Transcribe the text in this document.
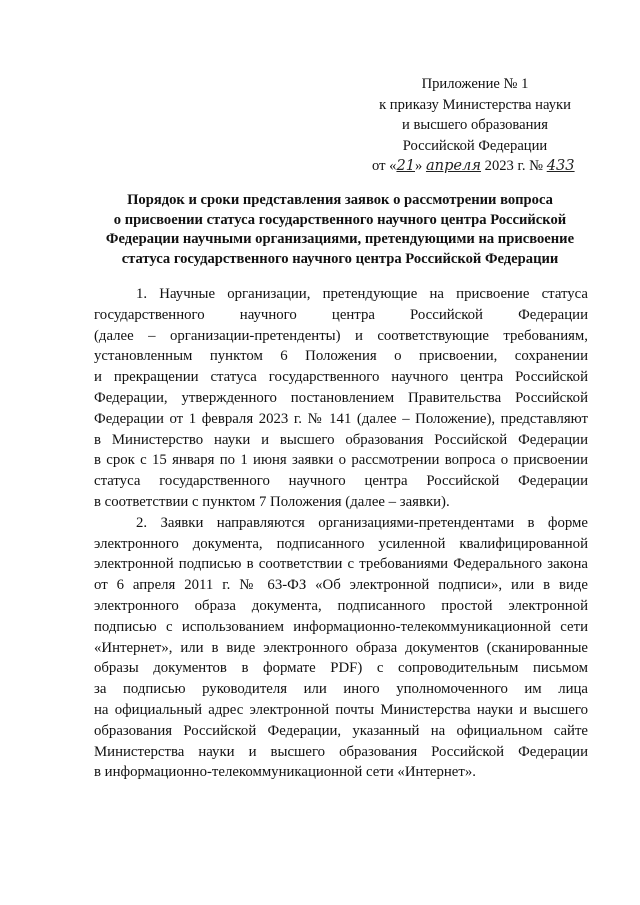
Приложение № 1
к приказу Министерства науки
и высшего образования
Российской Федерации
от «21» апреля 2023 г. № 433
Порядок и сроки представления заявок о рассмотрении вопроса
о присвоении статуса государственного научного центра Российской
Федерации научными организациями, претендующими на присвоение
статуса государственного научного центра Российской Федерации
1. Научные организации, претендующие на присвоение статуса
государственного научного центра Российской Федерации
(далее – организации-претенденты) и соответствующие требованиям,
установленным пунктом 6 Положения о присвоении, сохранении
и прекращении статуса государственного научного центра Российской
Федерации, утвержденного постановлением Правительства Российской
Федерации от 1 февраля 2023 г. № 141 (далее – Положение), представляют
в Министерство науки и высшего образования Российской Федерации
в срок с 15 января по 1 июня заявки о рассмотрении вопроса о присвоении
статуса государственного научного центра Российской Федерации
в соответствии с пунктом 7 Положения (далее – заявки).
2. Заявки направляются организациями-претендентами в форме
электронного документа, подписанного усиленной квалифицированной
электронной подписью в соответствии с требованиями Федерального закона
от 6 апреля 2011 г. № 63-ФЗ «Об электронной подписи», или в виде
электронного образа документа, подписанного простой электронной
подписью с использованием информационно-телекоммуникационной сети
«Интернет», или в виде электронного образа документов (сканированные
образы документов в формате PDF) с сопроводительным письмом
за подписью руководителя или иного уполномоченного им лица
на официальный адрес электронной почты Министерства науки и высшего
образования Российской Федерации, указанный на официальном сайте
Министерства науки и высшего образования Российской Федерации
в информационно-телекоммуникационной сети «Интернет».
